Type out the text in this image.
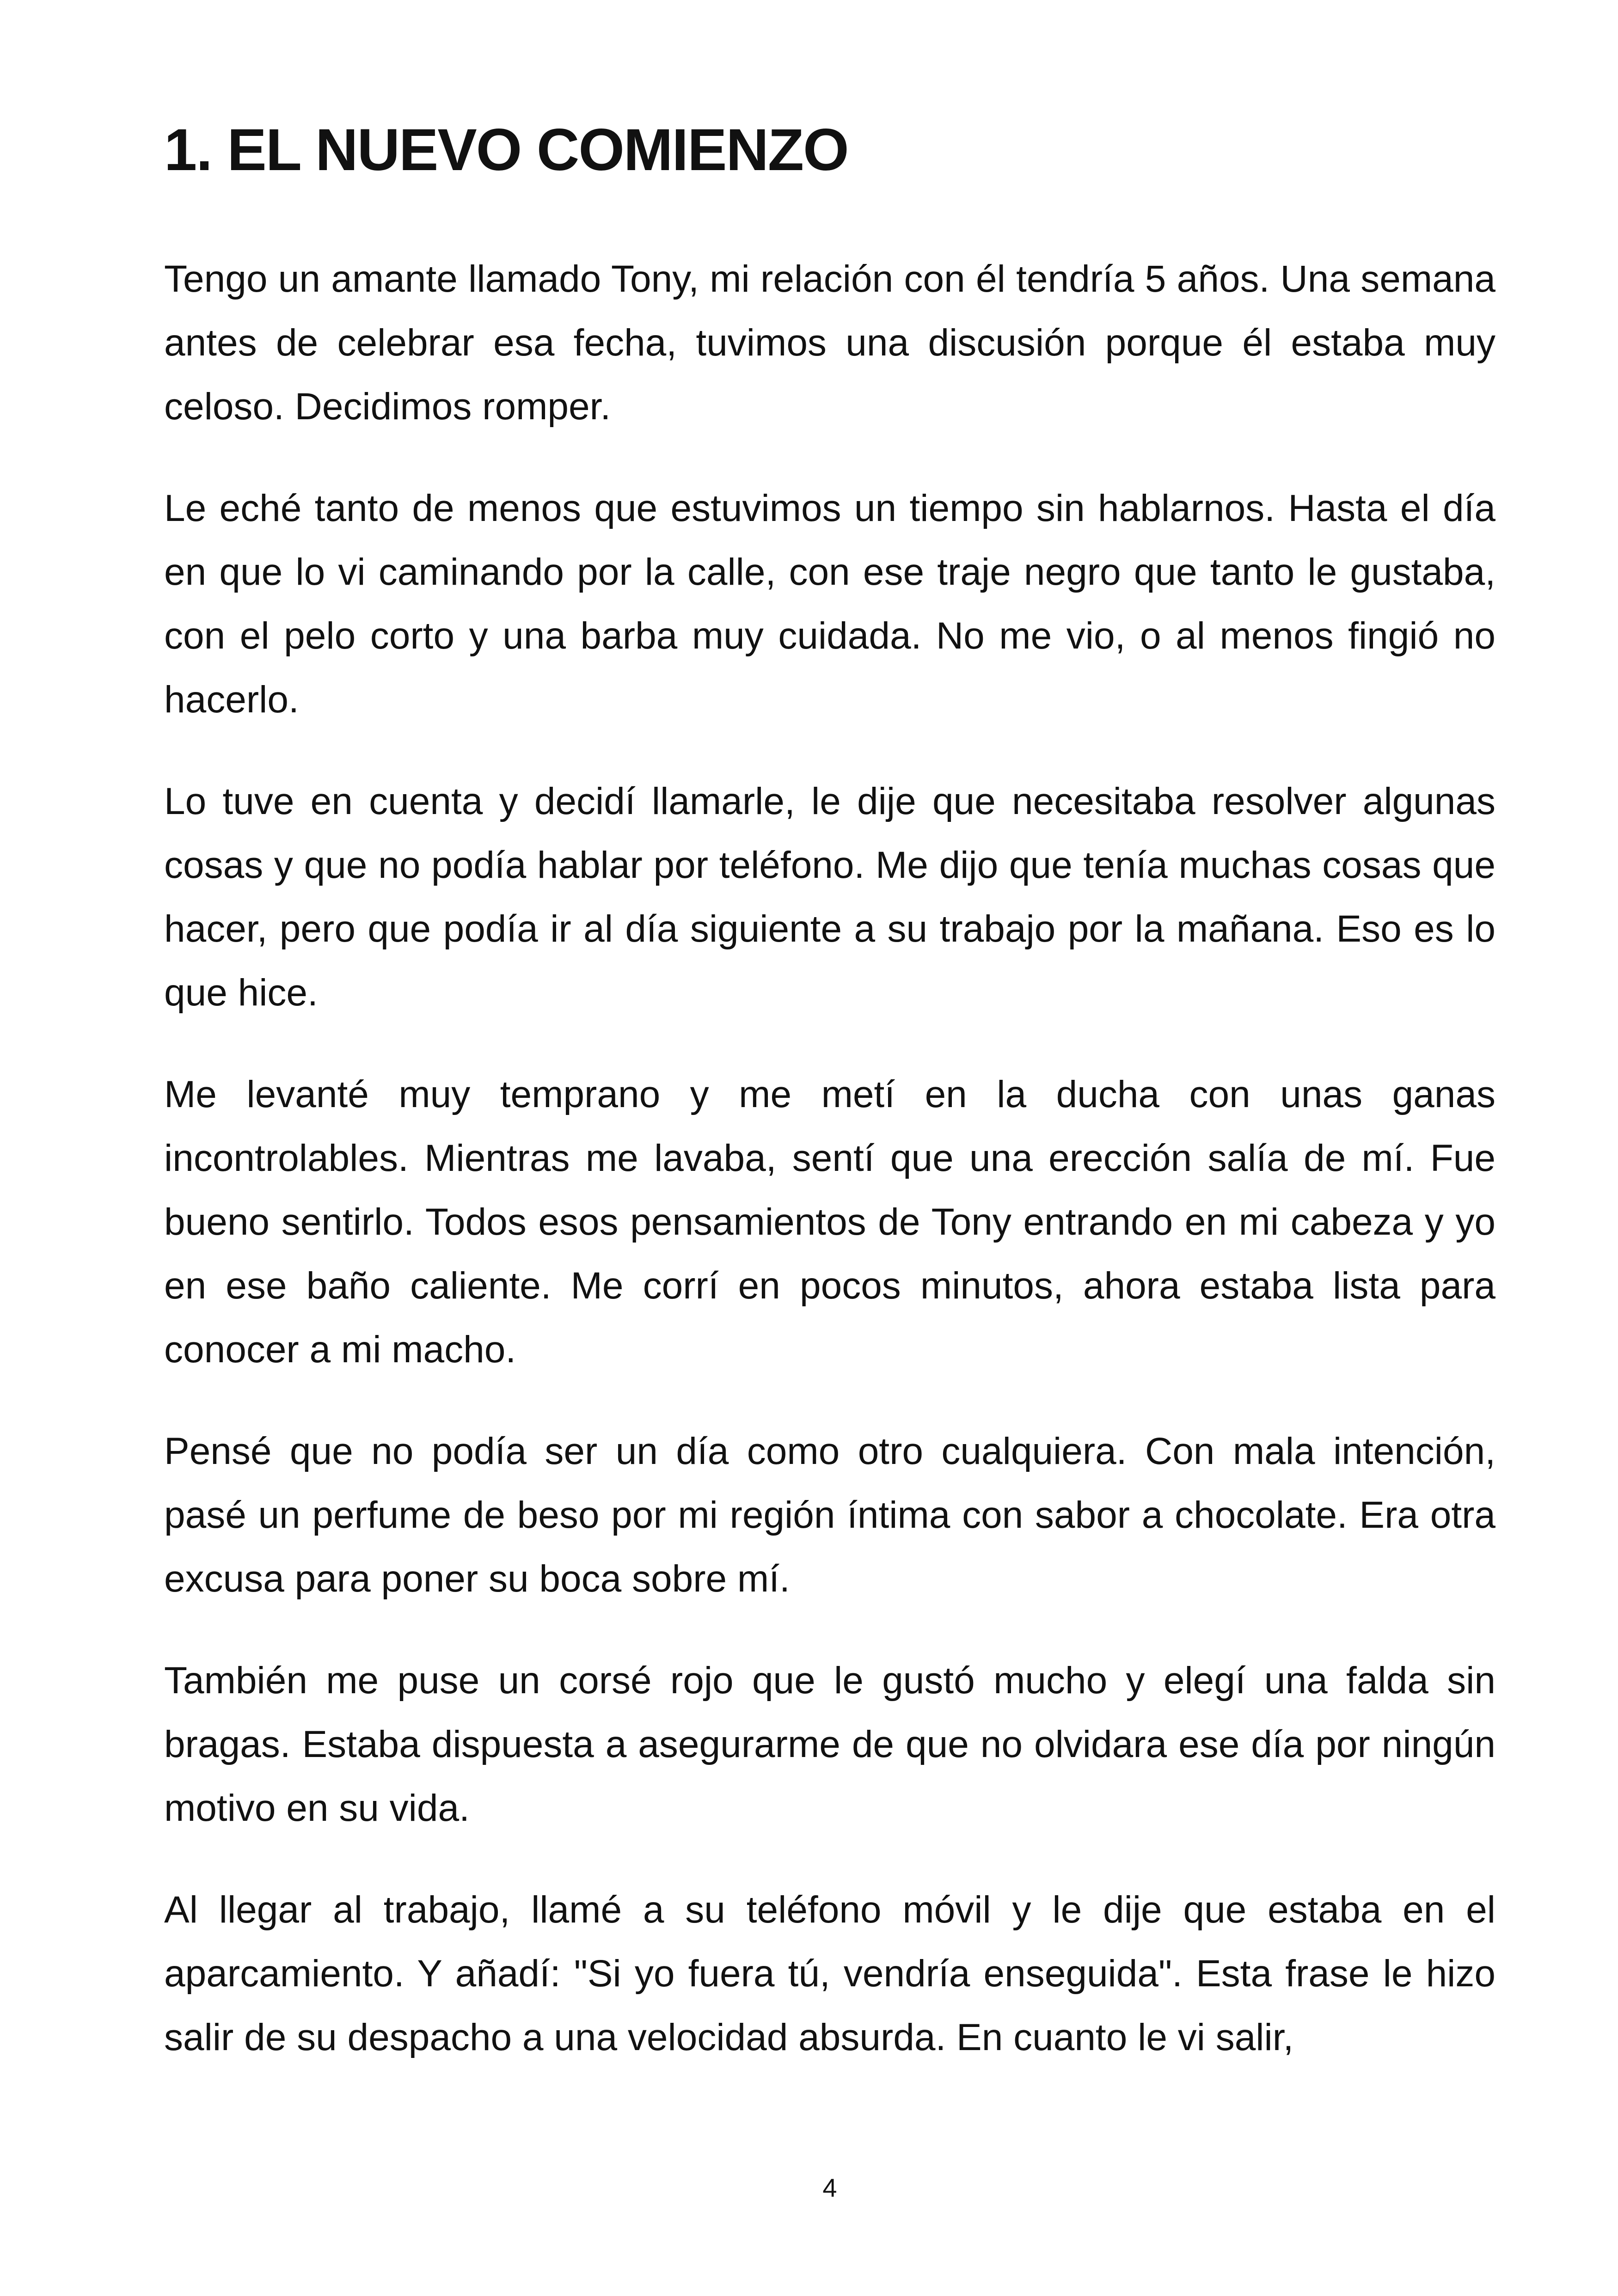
1. EL NUEVO COMIENZO

Tengo un amante llamado Tony, mi relación con él tendría 5 años. Una semana antes de celebrar esa fecha, tuvimos una discusión porque él estaba muy celoso. Decidimos romper.

Le eché tanto de menos que estuvimos un tiempo sin hablarnos. Hasta el día en que lo vi caminando por la calle, con ese traje negro que tanto le gustaba, con el pelo corto y una barba muy cuidada. No me vio, o al menos fingió no hacerlo.

Lo tuve en cuenta y decidí llamarle, le dije que necesitaba resolver algunas cosas y que no podía hablar por teléfono. Me dijo que tenía muchas cosas que hacer, pero que podía ir al día siguiente a su trabajo por la mañana. Eso es lo que hice.

Me levanté muy temprano y me metí en la ducha con unas ganas incontrolables. Mientras me lavaba, sentí que una erección salía de mí. Fue bueno sentirlo. Todos esos pensamientos de Tony entrando en mi cabeza y yo en ese baño caliente. Me corrí en pocos minutos, ahora estaba lista para conocer a mi macho.

Pensé que no podía ser un día como otro cualquiera. Con mala intención, pasé un perfume de beso por mi región íntima con sabor a chocolate. Era otra excusa para poner su boca sobre mí.

También me puse un corsé rojo que le gustó mucho y elegí una falda sin bragas. Estaba dispuesta a asegurarme de que no olvidara ese día por ningún motivo en su vida.

Al llegar al trabajo, llamé a su teléfono móvil y le dije que estaba en el aparcamiento. Y añadí: "Si yo fuera tú, vendría enseguida". Esta frase le hizo salir de su despacho a una velocidad absurda. En cuanto le vi salir,

4
